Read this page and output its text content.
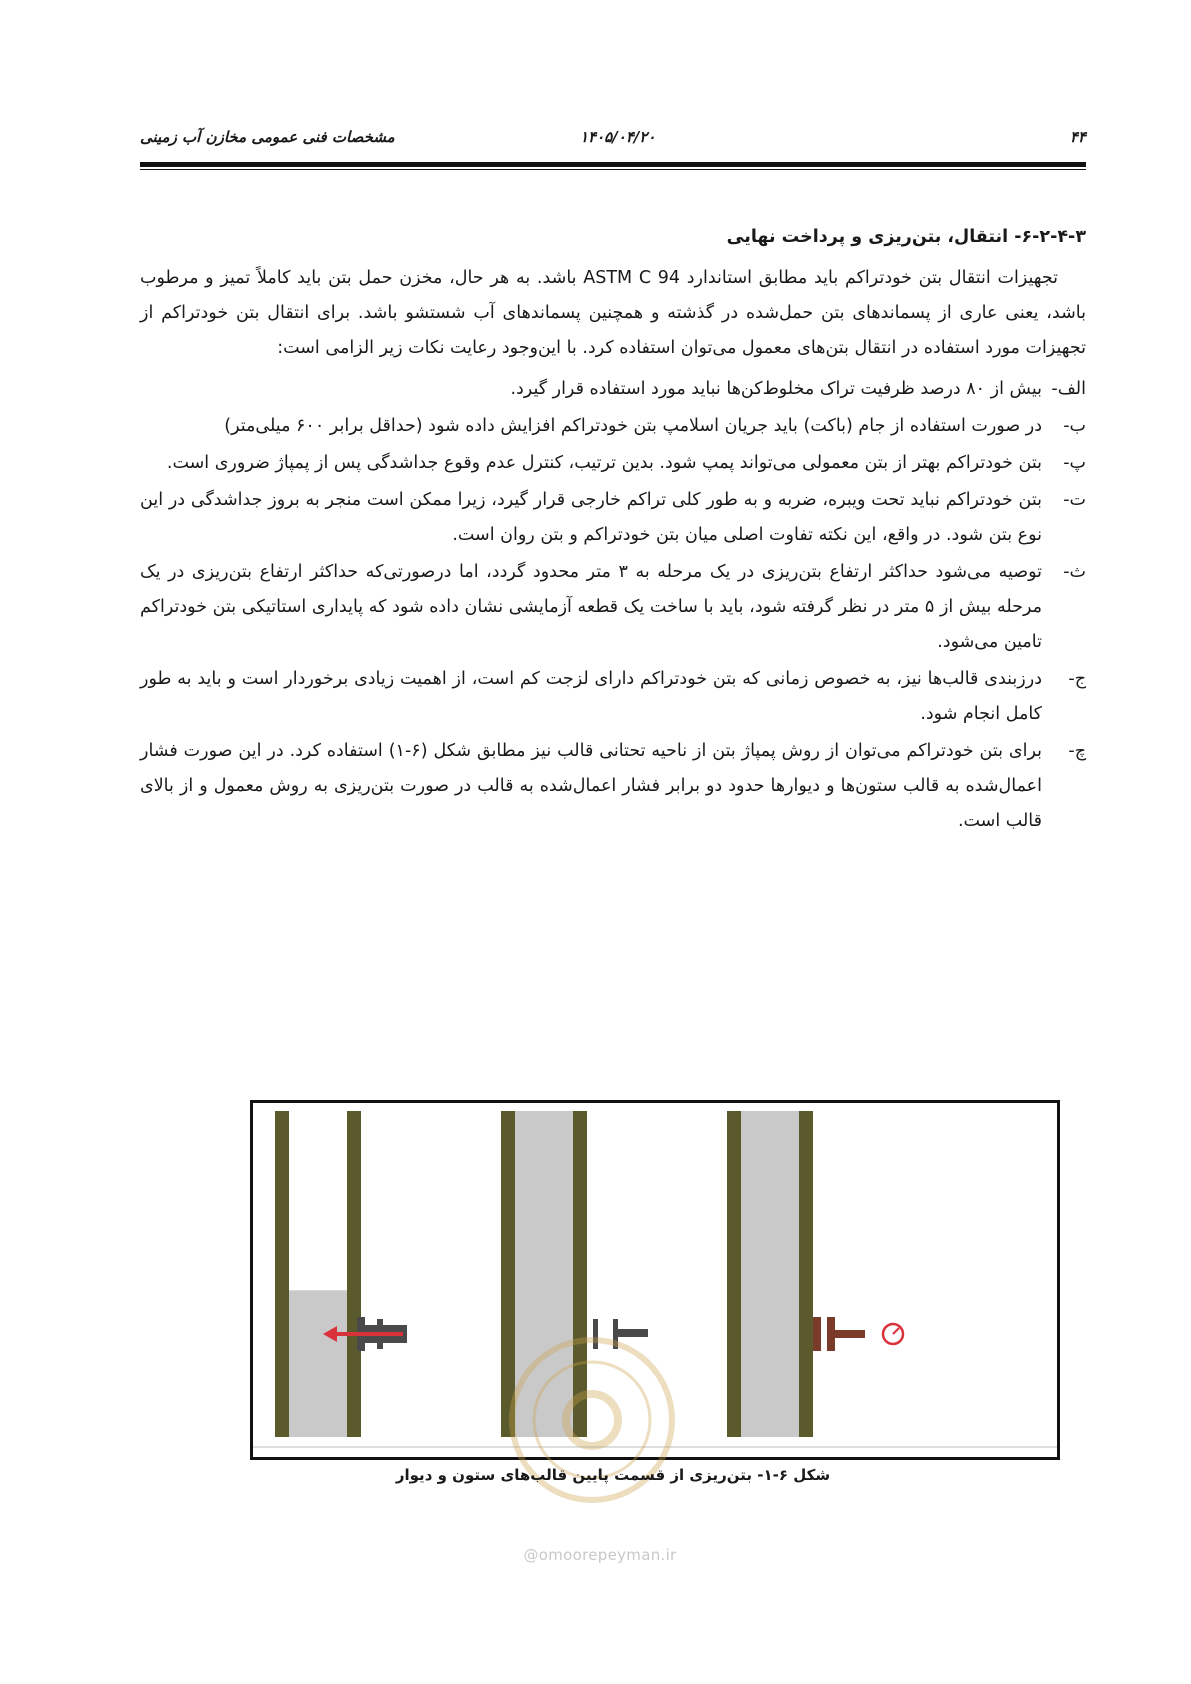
۴۴
۱۴۰۵/۰۴/۲۰
مشخصات فنی عمومی مخازن آب زمینی
۶-۲-۴-۳- انتقال، بتن‌ریزی و پرداخت نهایی

تجهیزات انتقال بتن خودتراکم باید مطابق استاندارد ASTM C 94 باشد. به هر حال، مخزن حمل بتن باید کاملاً تمیز و مرطوب باشد، یعنی عاری از پسماندهای بتن حمل‌شده در گذشته و همچنین پسماندهای آب شستشو باشد. برای انتقال بتن خودتراکم از تجهیزات مورد استفاده در انتقال بتن‌های معمول می‌توان استفاده کرد. با این‌وجود رعایت نکات زیر الزامی است:

الف-
بیش از ۸۰ درصد ظرفیت تراک مخلوط‌کن‌ها نباید مورد استفاده قرار گیرد.
ب-
در صورت استفاده از جام (باکت) باید جریان اسلامپ بتن خودتراکم افزایش داده شود (حداقل برابر ۶۰۰ میلی‌متر)
پ-
بتن خودتراکم بهتر از بتن معمولی می‌تواند پمپ شود. بدین ترتیب، کنترل عدم وقوع جداشدگی پس از پمپاژ ضروری است.
ت-
بتن خودتراکم نباید تحت ویبره، ضربه و به طور کلی تراکم خارجی قرار گیرد، زیرا ممکن است منجر به بروز جداشدگی در این نوع بتن شود. در واقع، این نکته تفاوت اصلی میان بتن خودتراکم و بتن روان است.
ث-
توصیه می‌شود حداکثر ارتفاع بتن‌ریزی در یک مرحله به ۳ متر محدود گردد، اما درصورتی‌که حداکثر ارتفاع بتن‌ریزی در یک مرحله بیش از ۵ متر در نظر گرفته شود، باید با ساخت یک قطعه آزمایشی نشان داده شود که پایداری استاتیکی بتن خودتراکم تامین می‌شود.
ج-
درزبندی قالب‌ها نیز، به خصوص زمانی که بتن خودتراکم دارای لزجت کم است، از اهمیت زیادی برخوردار است و باید به طور کامل انجام شود.
چ-
برای بتن خودتراکم می‌توان از روش پمپاژ بتن از ناحیه تحتانی قالب نیز مطابق شکل (۶-۱) استفاده کرد. در این صورت فشار اعمال‌شده به قالب ستون‌ها و دیوارها حدود دو برابر فشار اعمال‌شده به قالب در صورت بتن‌ریزی به روش معمول و از بالای قالب است.
شکل ۶-۱- بتن‌ریزی از قسمت پایین قالب‌های ستون و دیوار
@omoorepeyman.ir
